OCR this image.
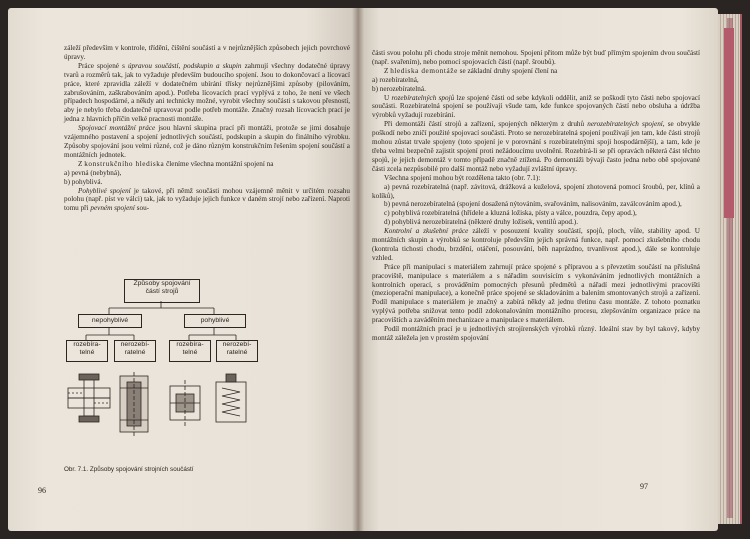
záleží především v kontrole, třídění, čištění součástí a v nejrůznějších způsobech jejich povrchové úpravy.

Práce spojené s úpravou součástí, podskupin a skupin zahrnují všechny dodatečné úpravy tvarů a rozměrů tak, jak to vyžaduje především budoucího spojení. Jsou to dokončovací a lícovací práce, které zpravidla záleží v dodatečném ubírání třísky nejrůznějšími způsoby (pilováním, zabrušováním, zaškrabováním apod.). Potřeba lícovacích prací vyplývá z toho, že není ve všech případech hospodárné, a někdy ani technicky možné, vyrobit všechny součásti s takovou přesností, aby je nebylo třeba dodatečně upravovat podle potřeb montáže. Značný rozsah lícovacích prací je jedna z hlavních příčin velké pracnosti montáže.

Spojovací montážní práce jsou hlavní skupina prací při montáži, protože se jimi dosahuje vzájemného postavení a spojení jednotlivých součástí, podskupin a skupin do finálního výrobku. Způsoby spojování jsou velmi různé, což je dáno různým konstrukčním řešením spojení součástí a montážních jednotek.

Z konstrukčního hlediska členíme všechna montážní spojení na

a) pevná (nebybná),

b) pohyblivá.

Pohyblivé spojení je takové, při němž součásti mohou vzájemně měnit v určitém rozsahu polohu (např. píst ve válci) tak, jak to vyžaduje jejich funkce v daném strojí nebo zařízení. Naproti tomu při pevném spojení sou-

Způsoby spojování
částí strojů
nepohyblivé	pohyblivé
rozebíra-
telné
nerozebí-
ratelné
rozebíra-
telné
nerozebí-
ratelné
Obr. 7.1. Způsoby spojování strojních součástí
96

části svou polohu při chodu stroje měnit nemohou. Spojení přitom může být buď přímým spojením dvou součástí (např. svařením), nebo pomocí spojovacích částí (např. šroubů).

Z hlediska demontáže se základní druhy spojení člení na

a) rozebíratelná,

b) nerozebíratelná.

U rozebíratelných spojů lze spojené části od sebe kdykoli oddělit, aniž se poškodí tyto části nebo spojovací součásti. Rozebíratelná spojení se používají všude tam, kde funkce spojovaných částí nebo obsluha a údržba výrobků vyžadují rozebírání.

Při demontáži částí strojů a zařízení, spojených některým z druhů nerozebíratelných spojení, se obvykle poškodí nebo zničí použité spojovací součásti. Proto se nerozebíratelná spojení používají jen tam, kde části strojů mohou zůstat trvale spojeny (toto spojení je v porovnání s rozebíratelnými spoji hospodárnější), a tam, kde je třeba velmi bezpečně zajistit spojení proti nežádoucímu uvolnění. Rozebírá-li se při opravách některá část těchto spojů, je jejich demontáž v tomto případě značně ztížená. Po demontáži bývají často jedna nebo obě spojované části zcela nezpůsobilé pro další montáž nebo vyžadují zvláštní úpravy.

Všechna spojení mohou být rozdělena takto (obr. 7.1):

a) pevná rozebíratelná (např. závitová, drážková a kuželová, spojení zhotovená pomocí šroubů, per, klínů a kolíků),

b) pevná nerozebíratelná (spojení dosažená nýtováním, svařováním, nalisováním, zaválcováním apod.),

c) pohyblivá rozebíratelná (hřídele a kluzná ložiska, písty a válce, pouzdra, čepy apod.),

d) pohyblivá nerozebíratelná (některé druhy ložisek, ventilů apod.).

Kontrolní a zkušební práce záleží v posouzení kvality součástí, spojů, ploch, vůle, stability apod. U montážních skupin a výrobků se kontroluje především jejich správná funkce, např. pomocí zkušebního chodu (kontrola tichosti chodu, brzdění, otáčení, posouvání, běh naprázdno, trvanlivost apod.), dále se kontroluje vzhled.

Práce při manipulaci s materiálem zahrnují práce spojené s přípravou a s převzetím součástí na příslušná pracoviště, manipulace s materiálem a s nářadím souvisícím s vykonáváním jednotlivých montážních a kontrolních operací, s prováděním pomocných přesunů předmětů a nářadí mezi jednotlivými pracovišti (mezioperační manipulace), a konečně práce spojené se skladováním a balením smontovaných strojů a zařízení. Podíl manipulace s materiálem je značný a zabírá někdy až jednu třetinu času montáže. Z tohoto poznatku vyplývá potřeba snižovat tento podíl zdokonalováním montážního procesu, zlepšováním organizace práce na pracovištích a zaváděním mechanizace a manipulace s materiálem.

Podíl montážních prací je u jednotlivých strojírenských výrobků různý. Ideální stav by byl takový, kdyby montáž záležela jen v prostém spojování

97
